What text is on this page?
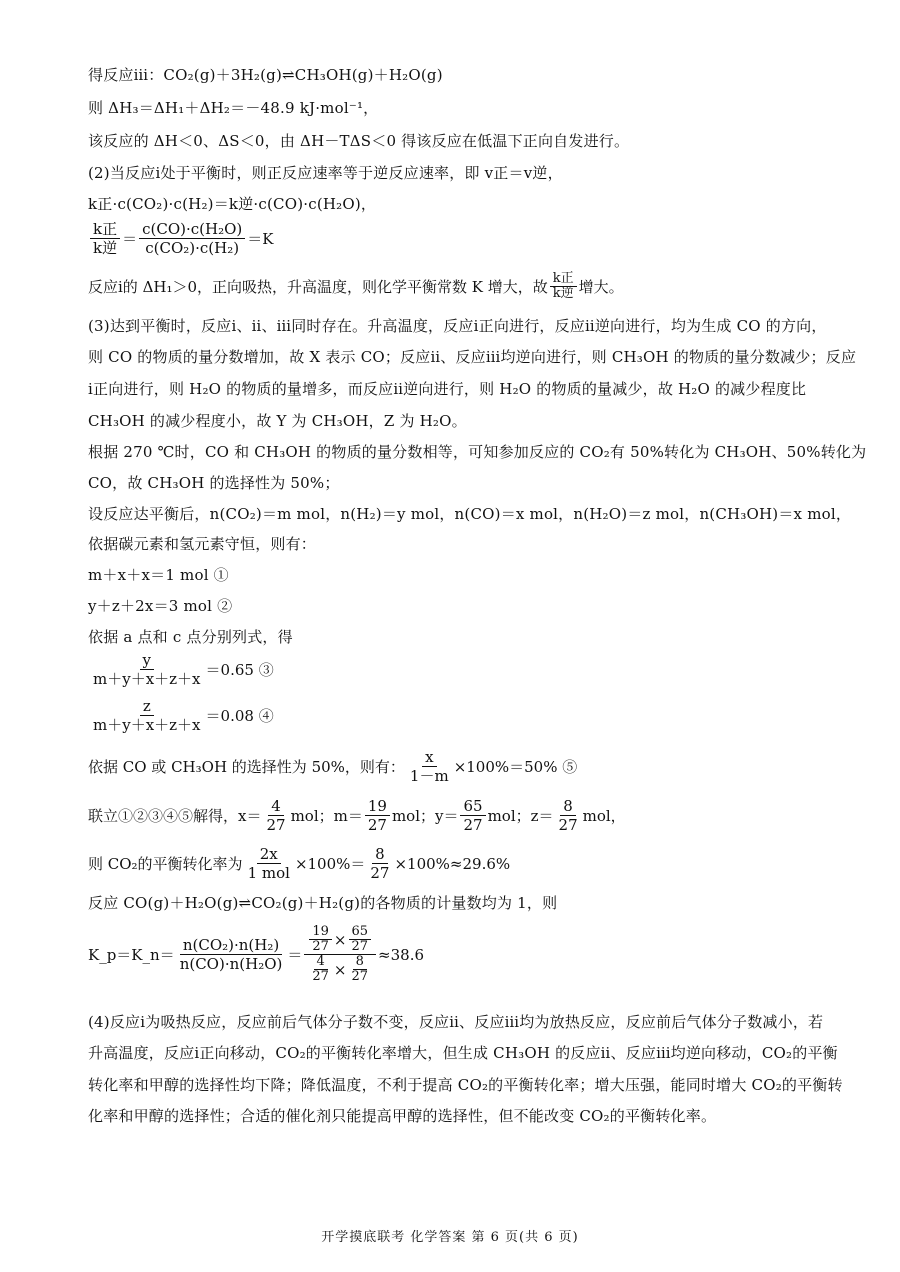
得反应ⅲ：CO₂(g)＋3H₂(g)⇌CH₃OH(g)＋H₂O(g)
则 ΔH₃＝ΔH₁＋ΔH₂＝－48.9 kJ·mol⁻¹，
该反应的 ΔH＜0、ΔS＜0，由 ΔH－TΔS＜0 得该反应在低温下正向自发进行。
(2)当反应ⅰ处于平衡时，则正反应速率等于逆反应速率，即 v正＝v逆，
k正·c(CO₂)·c(H₂)＝k逆·c(CO)·c(H₂O)，
$\frac{\text{k正}}{\text{k逆}} = \frac{\text{c(CO)·c(H₂O)}}{\text{c(CO₂)·c(H₂)}} =K$
反应ⅰ的 ΔH₁＞0，正向吸热，升高温度，则化学平衡常数 K 增大，故 $\frac{\text{k正}}{\text{k逆}}$ 增大。
(3)达到平衡时，反应ⅰ、ⅱ、ⅲ同时存在。升高温度，反应ⅰ正向进行，反应ⅱ逆向进行，均为生成 CO 的方向，
则 CO 的物质的量分数增加，故 X 表示 CO；反应ⅱ、反应ⅲ均逆向进行，则 CH₃OH 的物质的量分数减少；反应
ⅰ正向进行，则 H₂O 的物质的量增多，而反应ⅱ逆向进行，则 H₂O 的物质的量减少，故 H₂O 的减少程度比
CH₃OH 的减少程度小，故 Y 为 CH₃OH，Z 为 H₂O。
根据 270 ℃时，CO 和 CH₃OH 的物质的量分数相等，可知参加反应的 CO₂有 50%转化为 CH₃OH、50%转化为
CO，故 CH₃OH 的选择性为 50%；
设反应达平衡后，n(CO₂)＝m mol，n(H₂)＝y mol，n(CO)＝x mol，n(H₂O)＝z mol，n(CH₃OH)＝x mol，
依据碳元素和氢元素守恒，则有：
m＋x＋x＝1 mol ①
y＋z＋2x＝3 mol ②
依据 a 点和 c 点分别列式，得
$\frac{y}{m+y+x+z+x} =0.65$ ③
$\frac{z}{m+y+x+z+x} =0.08$ ④
依据 CO 或 CH₃OH 的选择性为 50%，则有： $\frac{x}{1-m} \times 100\%=50\%$ ⑤
联立①②③④⑤解得，$x= \frac{4}{27}$ mol；$m= \frac{19}{27}$ mol；$y= \frac{65}{27}$ mol；$z= \frac{8}{27}$ mol，
则 CO₂的平衡转化率为 $\frac{2x}{\text{1 mol}} \times 100\%= \frac{8}{27} \times 100\%\approx 29.6\%$
反应 CO(g)＋H₂O(g)⇌CO₂(g)＋H₂(g)的各物质的计量数均为 1，则
K_p＝K_n＝ $\frac{\text{n(CO₂)·n(H₂)}}{\text{n(CO)·n(H₂O)}}$ ＝
$\frac{19}{27} \times \frac{65}{27}$
$\frac{4}{27} \times \frac{8}{27}$
≈38.6
(4)反应ⅰ为吸热反应，反应前后气体分子数不变，反应ⅱ、反应ⅲ均为放热反应，反应前后气体分子数减小，若
升高温度，反应ⅰ正向移动，CO₂的平衡转化率增大，但生成 CH₃OH 的反应ⅱ、反应ⅲ均逆向移动，CO₂的平衡
转化率和甲醇的选择性均下降；降低温度，不利于提高 CO₂的平衡转化率；增大压强，能同时增大 CO₂的平衡转
化率和甲醇的选择性；合适的催化剂只能提高甲醇的选择性，但不能改变 CO₂的平衡转化率。
开学摸底联考 化学答案 第 6 页(共 6 页)
